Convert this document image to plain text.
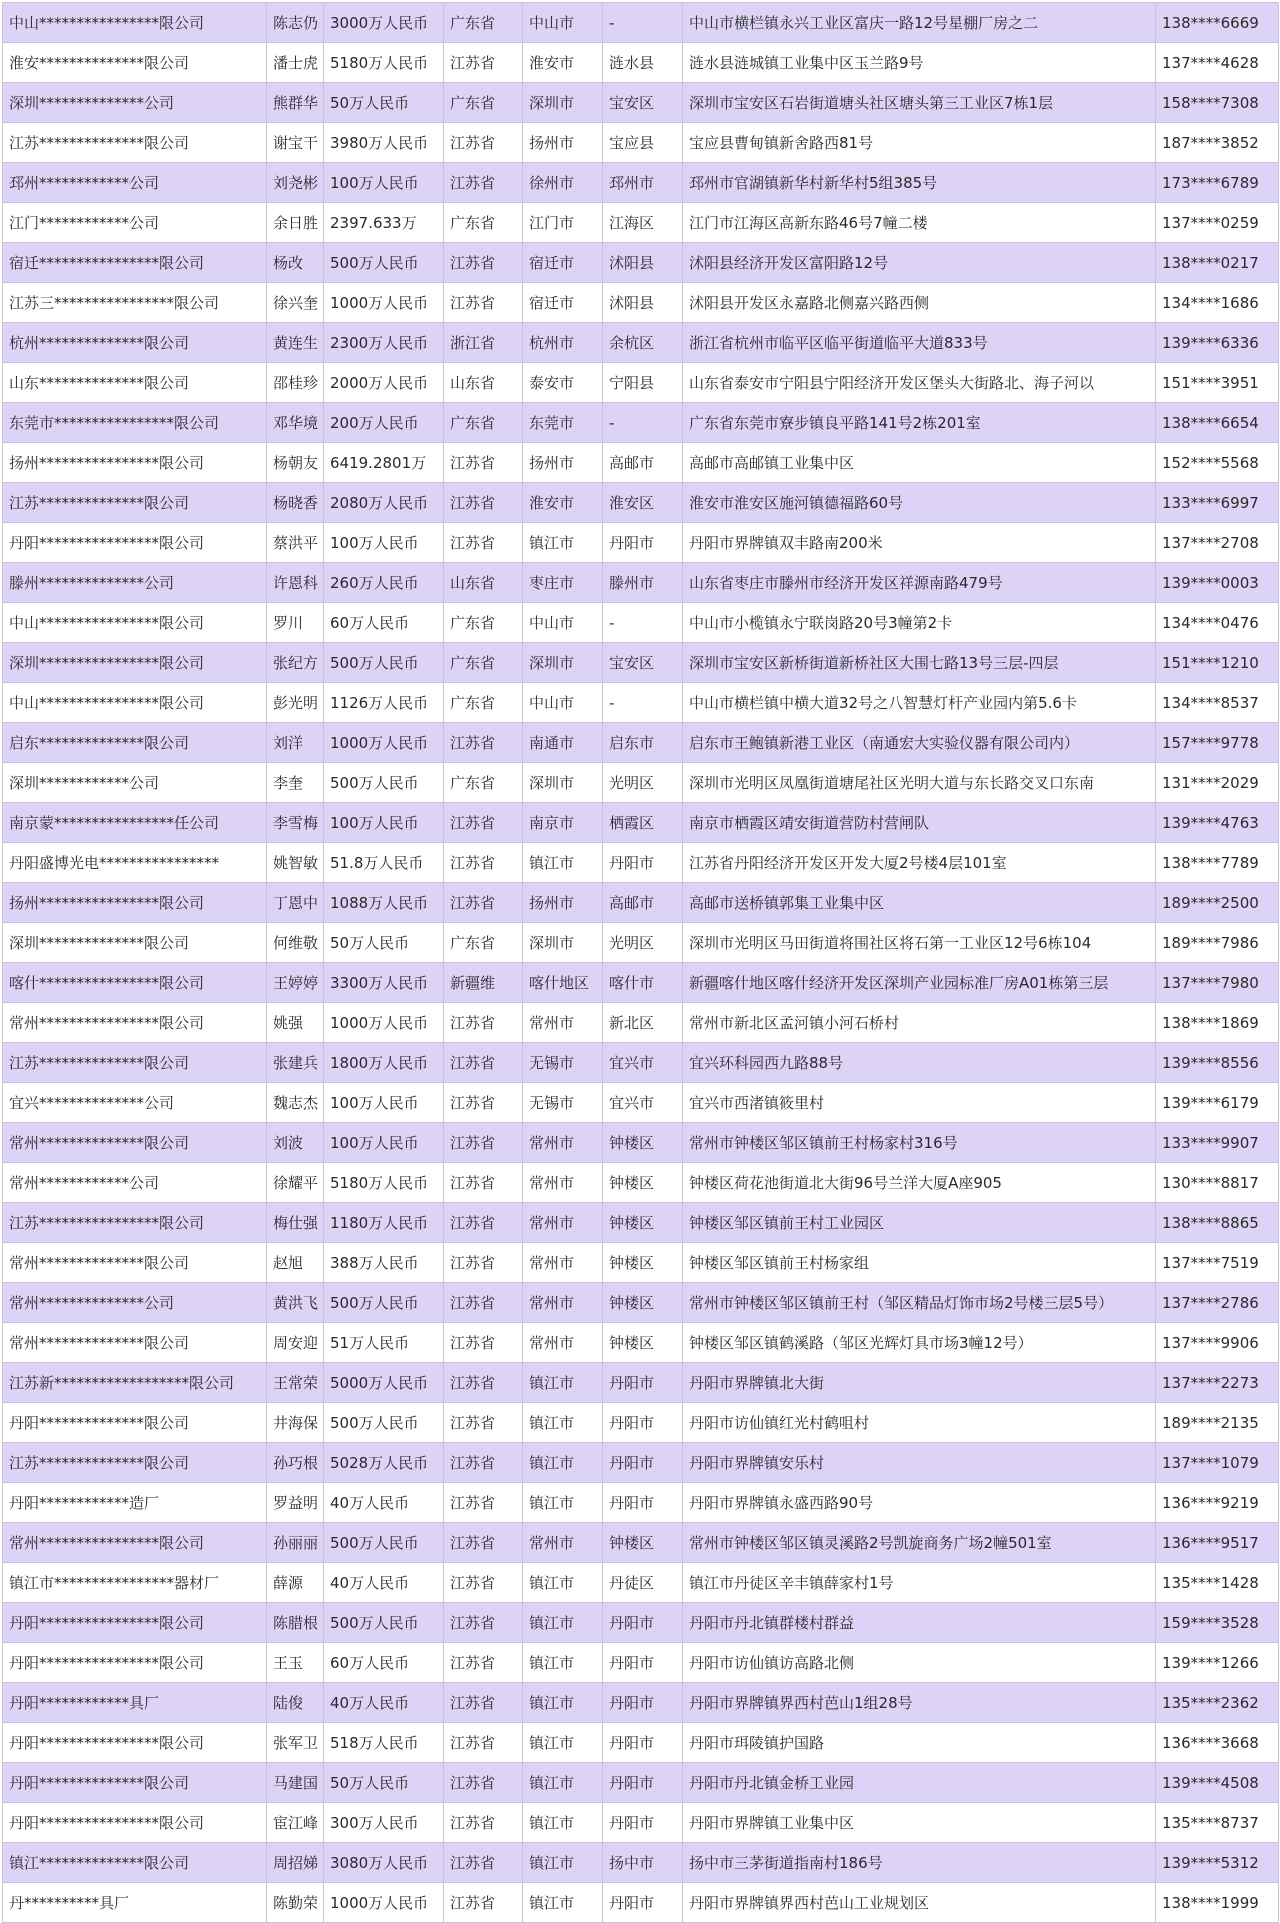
中山****************限公司	陈志仍	3000万人民币	广东省	中山市	-	中山市横栏镇永兴工业区富庆一路12号星棚厂房之二	138****6669
淮安**************限公司	潘士虎	5180万人民币	江苏省	淮安市	涟水县	涟水县涟城镇工业集中区玉兰路9号	137****4628
深圳**************公司	熊群华	50万人民币	广东省	深圳市	宝安区	深圳市宝安区石岩街道塘头社区塘头第三工业区7栋1层	158****7308
江苏**************限公司	谢宝干	3980万人民币	江苏省	扬州市	宝应县	宝应县曹甸镇新舍路西81号	187****3852
邳州************公司	刘尧彬	100万人民币	江苏省	徐州市	邳州市	邳州市官湖镇新华村新华村5组385号	173****6789
江门************公司	余日胜	2397.633万	广东省	江门市	江海区	江门市江海区高新东路46号7幢二楼	137****0259
宿迁****************限公司	杨改	500万人民币	江苏省	宿迁市	沭阳县	沭阳县经济开发区富阳路12号	138****0217
江苏三****************限公司	徐兴奎	1000万人民币	江苏省	宿迁市	沭阳县	沭阳县开发区永嘉路北侧嘉兴路西侧	134****1686
杭州**************限公司	黄连生	2300万人民币	浙江省	杭州市	余杭区	浙江省杭州市临平区临平街道临平大道833号	139****6336
山东**************限公司	邵桂珍	2000万人民币	山东省	泰安市	宁阳县	山东省泰安市宁阳县宁阳经济开发区堡头大街路北、海子河以	151****3951
东莞市****************限公司	邓华境	200万人民币	广东省	东莞市	-	广东省东莞市寮步镇良平路141号2栋201室	138****6654
扬州****************限公司	杨朝友	6419.2801万	江苏省	扬州市	高邮市	高邮市高邮镇工业集中区	152****5568
江苏**************限公司	杨晓香	2080万人民币	江苏省	淮安市	淮安区	淮安市淮安区施河镇德福路60号	133****6997
丹阳****************限公司	蔡洪平	100万人民币	江苏省	镇江市	丹阳市	丹阳市界牌镇双丰路南200米	137****2708
滕州**************公司	许恩科	260万人民币	山东省	枣庄市	滕州市	山东省枣庄市滕州市经济开发区祥源南路479号	139****0003
中山****************限公司	罗川	60万人民币	广东省	中山市	-	中山市小榄镇永宁联岗路20号3幢第2卡	134****0476
深圳****************限公司	张纪方	500万人民币	广东省	深圳市	宝安区	深圳市宝安区新桥街道新桥社区大围七路13号三层-四层	151****1210
中山****************限公司	彭光明	1126万人民币	广东省	中山市	-	中山市横栏镇中横大道32号之八智慧灯杆产业园内第5.6卡	134****8537
启东**************限公司	刘洋	1000万人民币	江苏省	南通市	启东市	启东市王鲍镇新港工业区（南通宏大实验仪器有限公司内）	157****9778
深圳************公司	李奎	500万人民币	广东省	深圳市	光明区	深圳市光明区凤凰街道塘尾社区光明大道与东长路交叉口东南	131****2029
南京蒙****************任公司	李雪梅	100万人民币	江苏省	南京市	栖霞区	南京市栖霞区靖安街道营防村营闸队	139****4763
丹阳盛博光电****************	姚智敏	51.8万人民币	江苏省	镇江市	丹阳市	江苏省丹阳经济开发区开发大厦2号楼4层101室	138****7789
扬州****************限公司	丁恩中	1088万人民币	江苏省	扬州市	高邮市	高邮市送桥镇郭集工业集中区	189****2500
深圳**************限公司	何维敬	50万人民币	广东省	深圳市	光明区	深圳市光明区马田街道将围社区将石第一工业区12号6栋104	189****7986
喀什****************限公司	王婷婷	3300万人民币	新疆维	喀什地区	喀什市	新疆喀什地区喀什经济开发区深圳产业园标准厂房A01栋第三层	137****7980
常州****************限公司	姚强	1000万人民币	江苏省	常州市	新北区	常州市新北区孟河镇小河石桥村	138****1869
江苏**************限公司	张建兵	1800万人民币	江苏省	无锡市	宜兴市	宜兴环科园西九路88号	139****8556
宜兴**************公司	魏志杰	100万人民币	江苏省	无锡市	宜兴市	宜兴市西渚镇筱里村	139****6179
常州**************限公司	刘波	100万人民币	江苏省	常州市	钟楼区	常州市钟楼区邹区镇前王村杨家村316号	133****9907
常州************公司	徐耀平	5180万人民币	江苏省	常州市	钟楼区	钟楼区荷花池街道北大街96号兰洋大厦A座905	130****8817
江苏****************限公司	梅仕强	1180万人民币	江苏省	常州市	钟楼区	钟楼区邹区镇前王村工业园区	138****8865
常州**************限公司	赵旭	388万人民币	江苏省	常州市	钟楼区	钟楼区邹区镇前王村杨家组	137****7519
常州**************公司	黄洪飞	500万人民币	江苏省	常州市	钟楼区	常州市钟楼区邹区镇前王村（邹区精品灯饰市场2号楼三层5号）	137****2786
常州**************限公司	周安迎	51万人民币	江苏省	常州市	钟楼区	钟楼区邹区镇鹤溪路（邹区光辉灯具市场3幢12号）	137****9906
江苏新******************限公司	王常荣	5000万人民币	江苏省	镇江市	丹阳市	丹阳市界牌镇北大街	137****2273
丹阳**************限公司	井海保	500万人民币	江苏省	镇江市	丹阳市	丹阳市访仙镇红光村鹤咀村	189****2135
江苏**************限公司	孙巧根	5028万人民币	江苏省	镇江市	丹阳市	丹阳市界牌镇安乐村	137****1079
丹阳************造厂	罗益明	40万人民币	江苏省	镇江市	丹阳市	丹阳市界牌镇永盛西路90号	136****9219
常州****************限公司	孙丽丽	500万人民币	江苏省	常州市	钟楼区	常州市钟楼区邹区镇灵溪路2号凯旋商务广场2幢501室	136****9517
镇江市****************器材厂	薛源	40万人民币	江苏省	镇江市	丹徒区	镇江市丹徒区辛丰镇薛家村1号	135****1428
丹阳****************限公司	陈腊根	500万人民币	江苏省	镇江市	丹阳市	丹阳市丹北镇群楼村群益	159****3528
丹阳****************限公司	王玉	60万人民币	江苏省	镇江市	丹阳市	丹阳市访仙镇访高路北侧	139****1266
丹阳************具厂	陆俊	40万人民币	江苏省	镇江市	丹阳市	丹阳市界牌镇界西村芭山1组28号	135****2362
丹阳****************限公司	张军卫	518万人民币	江苏省	镇江市	丹阳市	丹阳市珥陵镇护国路	136****3668
丹阳**************限公司	马建国	50万人民币	江苏省	镇江市	丹阳市	丹阳市丹北镇金桥工业园	139****4508
丹阳****************限公司	宦江峰	300万人民币	江苏省	镇江市	丹阳市	丹阳市界牌镇工业集中区	135****8737
镇江**************限公司	周招娣	3080万人民币	江苏省	镇江市	扬中市	扬中市三茅街道指南村186号	139****5312
丹**********具厂	陈勤荣	1000万人民币	江苏省	镇江市	丹阳市	丹阳市界牌镇界西村芭山工业规划区	138****1999
